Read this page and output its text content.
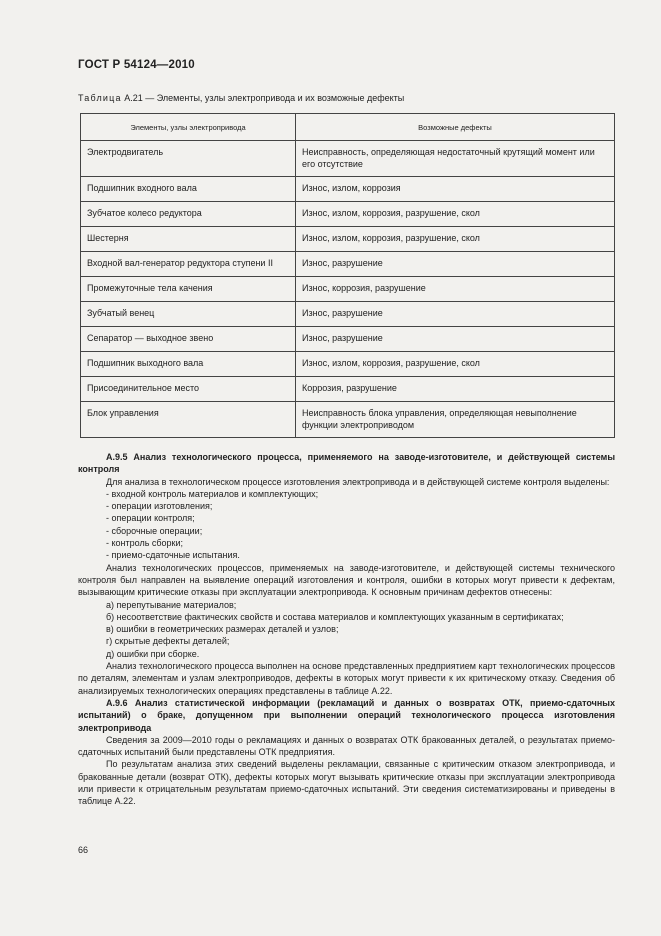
ГОСТ Р 54124—2010
Таблица А.21 — Элементы, узлы электропривода и их возможные дефекты
Элементы, узлы электропривода	Возможные дефекты
Электродвигатель	Неисправность, определяющая недостаточный крутящий момент или его отсутствие
Подшипник входного вала	Износ, излом, коррозия
Зубчатое колесо редуктора	Износ, излом, коррозия, разрушение, скол
Шестерня	Износ, излом, коррозия, разрушение, скол
Входной вал-генератор редуктора ступени II	Износ, разрушение
Промежуточные тела качения	Износ, коррозия, разрушение
Зубчатый венец	Износ, разрушение
Сепаратор — выходное звено	Износ, разрушение
Подшипник выходного вала	Износ, излом, коррозия, разрушение, скол
Присоединительное место	Коррозия, разрушение
Блок управления	Неисправность блока управления, определяющая невыполнение функции электроприводом

А.9.5 Анализ технологического процесса, применяемого на заводе-изготовителе, и действующей системы контроля

Для анализа в технологическом процессе изготовления электропривода и в действующей системе контроля выделены:

- входной контроль материалов и комплектующих;

- операции изготовления;

- операции контроля;

- сборочные операции;

- контроль сборки;

- приемо-сдаточные испытания.

Анализ технологических процессов, применяемых на заводе-изготовителе, и действующей системы технического контроля был направлен на выявление операций изготовления и контроля, ошибки в которых могут привести к дефектам, вызывающим критические отказы при эксплуатации электропривода. К основным причинам дефектов отнесены:

а) перепутывание материалов;

б) несоответствие фактических свойств и состава материалов и комплектующих указанным в сертификатах;

в) ошибки в геометрических размерах деталей и узлов;

г) скрытые дефекты деталей;

д) ошибки при сборке.

Анализ технологического процесса выполнен на основе представленных предприятием карт технологических процессов по деталям, элементам и узлам электроприводов, дефекты в которых могут привести к их критическому отказу. Сведения об анализируемых технологических операциях представлены в таблице А.22.

А.9.6 Анализ статистической информации (рекламаций и данных о возвратах ОТК, приемо-сдаточных испытаний) о браке, допущенном при выполнении операций технологического процесса изготовления электропривода

Сведения за 2009—2010 годы о рекламациях и данных о возвратах ОТК бракованных деталей, о результатах приемо-сдаточных испытаний были представлены ОТК предприятия.

По результатам анализа этих сведений выделены рекламации, связанные с критическим отказом электропривода, и бракованные детали (возврат ОТК), дефекты которых могут вызывать критические отказы при эксплуатации электропривода или привести к отрицательным результатам приемо-сдаточных испытаний. Эти сведения систематизированы и приведены в таблице А.22.

66
